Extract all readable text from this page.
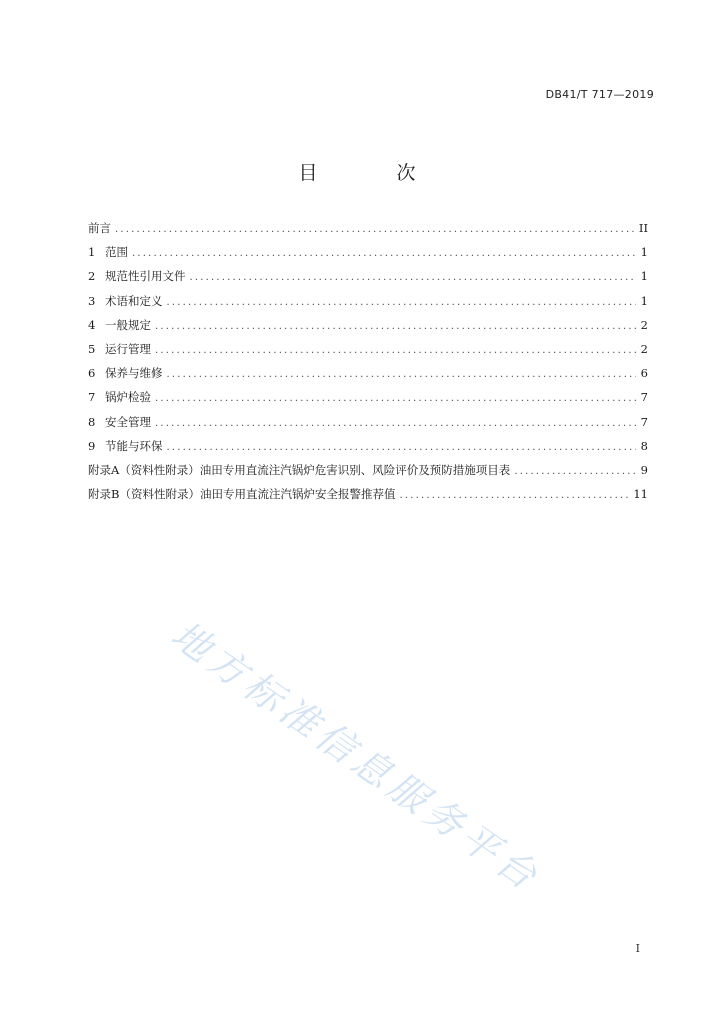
DB41/T 717—2019
目　次
前言 .....	II
1 范围 .....	1
2 规范性引用文件 .....	1
3 术语和定义 .....	1
4 一般规定 .....	2
5 运行管理 .....	2
6 保养与维修 .....	6
7 锅炉检验 .....	7
8 安全管理 .....	7
9 节能与环保 .....	8
附录A（资料性附录）油田专用直流注汽锅炉危害识别、风险评价及预防措施项目表 .....	9
附录B（资料性附录）油田专用直流注汽锅炉安全报警推荐值 .....	11
地方标准信息服务平台
I
